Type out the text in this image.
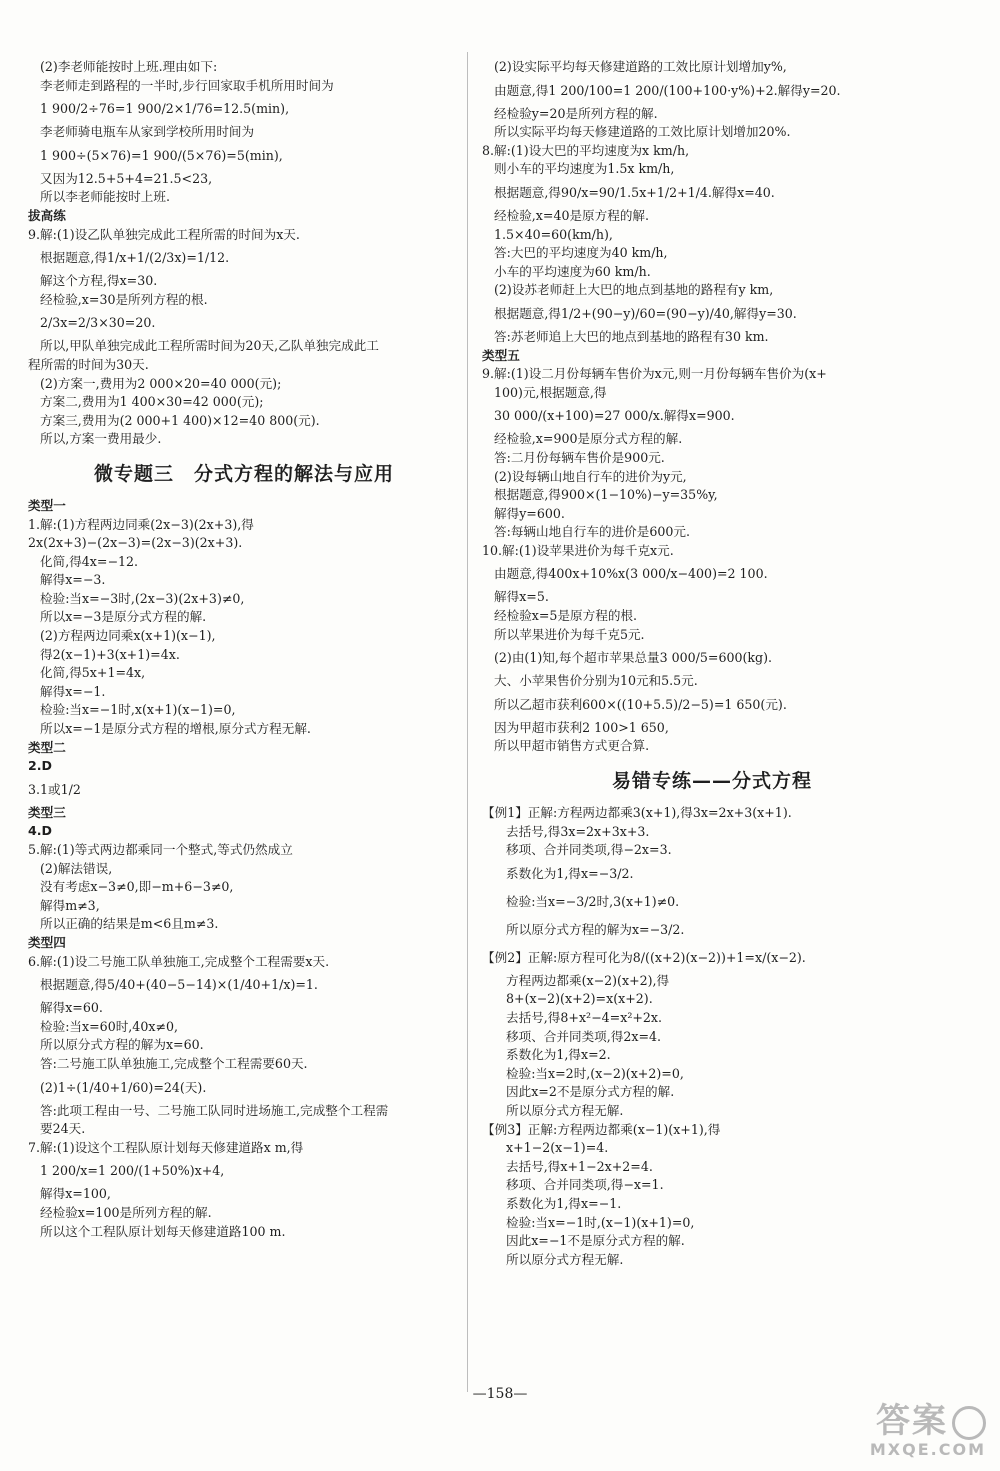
(2)李老师能按时上班.理由如下:
李老师走到路程的一半时,步行回家取手机所用时间为
1 900/2÷76=1 900/2×1/76=12.5(min),
李老师骑电瓶车从家到学校所用时间为
1 900÷(5×76)=1 900/(5×76)=5(min),
又因为12.5+5+4=21.5<23,
所以李老师能按时上班.
拔高练
9.解:(1)设乙队单独完成此工程所需的时间为x天.
根据题意,得1/x+1/(2/3x)=1/12.
解这个方程,得x=30.
经检验,x=30是所列方程的根.
2/3x=2/3×30=20.
所以,甲队单独完成此工程所需时间为20天,乙队单独完成此工
程所需的时间为30天.
(2)方案一,费用为2 000×20=40 000(元);
方案二,费用为1 400×30=42 000(元);
方案三,费用为(2 000+1 400)×12=40 800(元).
所以,方案一费用最少.
微专题三　分式方程的解法与应用
类型一
1.解:(1)方程两边同乘(2x−3)(2x+3),得
2x(2x+3)−(2x−3)=(2x−3)(2x+3).
化简,得4x=−12.
解得x=−3.
检验:当x=−3时,(2x−3)(2x+3)≠0,
所以x=−3是原分式方程的解.
(2)方程两边同乘x(x+1)(x−1),
得2(x−1)+3(x+1)=4x.
化简,得5x+1=4x,
解得x=−1.
检验:当x=−1时,x(x+1)(x−1)=0,
所以x=−1是原分式方程的增根,原分式方程无解.
类型二
2.D
3.1或1/2
类型三
4.D
5.解:(1)等式两边都乘同一个整式,等式仍然成立
(2)解法错误,
没有考虑x−3≠0,即−m+6−3≠0,
解得m≠3,
所以正确的结果是m<6且m≠3.
类型四
6.解:(1)设二号施工队单独施工,完成整个工程需要x天.
根据题意,得5/40+(40−5−14)×(1/40+1/x)=1.
解得x=60.
检验:当x=60时,40x≠0,
所以原分式方程的解为x=60.
答:二号施工队单独施工,完成整个工程需要60天.
(2)1÷(1/40+1/60)=24(天).
答:此项工程由一号、二号施工队同时进场施工,完成整个工程需
要24天.
7.解:(1)设这个工程队原计划每天修建道路x m,得
1 200/x=1 200/(1+50%)x+4,
解得x=100,
经检验x=100是所列方程的解.
所以这个工程队原计划每天修建道路100 m.
(2)设实际平均每天修建道路的工效比原计划增加y%,
由题意,得1 200/100=1 200/(100+100·y%)+2.解得y=20.
经检验y=20是所列方程的解.
所以实际平均每天修建道路的工效比原计划增加20%.
8.解:(1)设大巴的平均速度为x km/h,
则小车的平均速度为1.5x km/h,
根据题意,得90/x=90/1.5x+1/2+1/4.解得x=40.
经检验,x=40是原方程的解.
1.5×40=60(km/h),
答:大巴的平均速度为40 km/h,
小车的平均速度为60 km/h.
(2)设苏老师赶上大巴的地点到基地的路程有y km,
根据题意,得1/2+(90−y)/60=(90−y)/40,解得y=30.
答:苏老师追上大巴的地点到基地的路程有30 km.
类型五
9.解:(1)设二月份每辆车售价为x元,则一月份每辆车售价为(x+
100)元,根据题意,得
30 000/(x+100)=27 000/x.解得x=900.
经检验,x=900是原分式方程的解.
答:二月份每辆车售价是900元.
(2)设每辆山地自行车的进价为y元,
根据题意,得900×(1−10%)−y=35%y,
解得y=600.
答:每辆山地自行车的进价是600元.
10.解:(1)设苹果进价为每千克x元.
由题意,得400x+10%x(3 000/x−400)=2 100.
解得x=5.
经检验x=5是原方程的根.
所以苹果进价为每千克5元.
(2)由(1)知,每个超市苹果总量3 000/5=600(kg).
大、小苹果售价分别为10元和5.5元.
所以乙超市获利600×((10+5.5)/2−5)=1 650(元).
因为甲超市获利2 100>1 650,
所以甲超市销售方式更合算.
易错专练——分式方程
【例1】正解:方程两边都乘3(x+1),得3x=2x+3(x+1).
去括号,得3x=2x+3x+3.
移项、合并同类项,得−2x=3.
系数化为1,得x=−3/2.
检验:当x=−3/2时,3(x+1)≠0.
所以原分式方程的解为x=−3/2.
【例2】正解:原方程可化为8/((x+2)(x−2))+1=x/(x−2).
方程两边都乘(x−2)(x+2),得
8+(x−2)(x+2)=x(x+2).
去括号,得8+x²−4=x²+2x.
移项、合并同类项,得2x=4.
系数化为1,得x=2.
检验:当x=2时,(x−2)(x+2)=0,
因此x=2不是原分式方程的解.
所以原分式方程无解.
【例3】正解:方程两边都乘(x−1)(x+1),得
x+1−2(x−1)=4.
去括号,得x+1−2x+2=4.
移项、合并同类项,得−x=1.
系数化为1,得x=−1.
检验:当x=−1时,(x−1)(x+1)=0,
因此x=−1不是原分式方程的解.
所以原分式方程无解.
—158—
答案
MXQE.COM
